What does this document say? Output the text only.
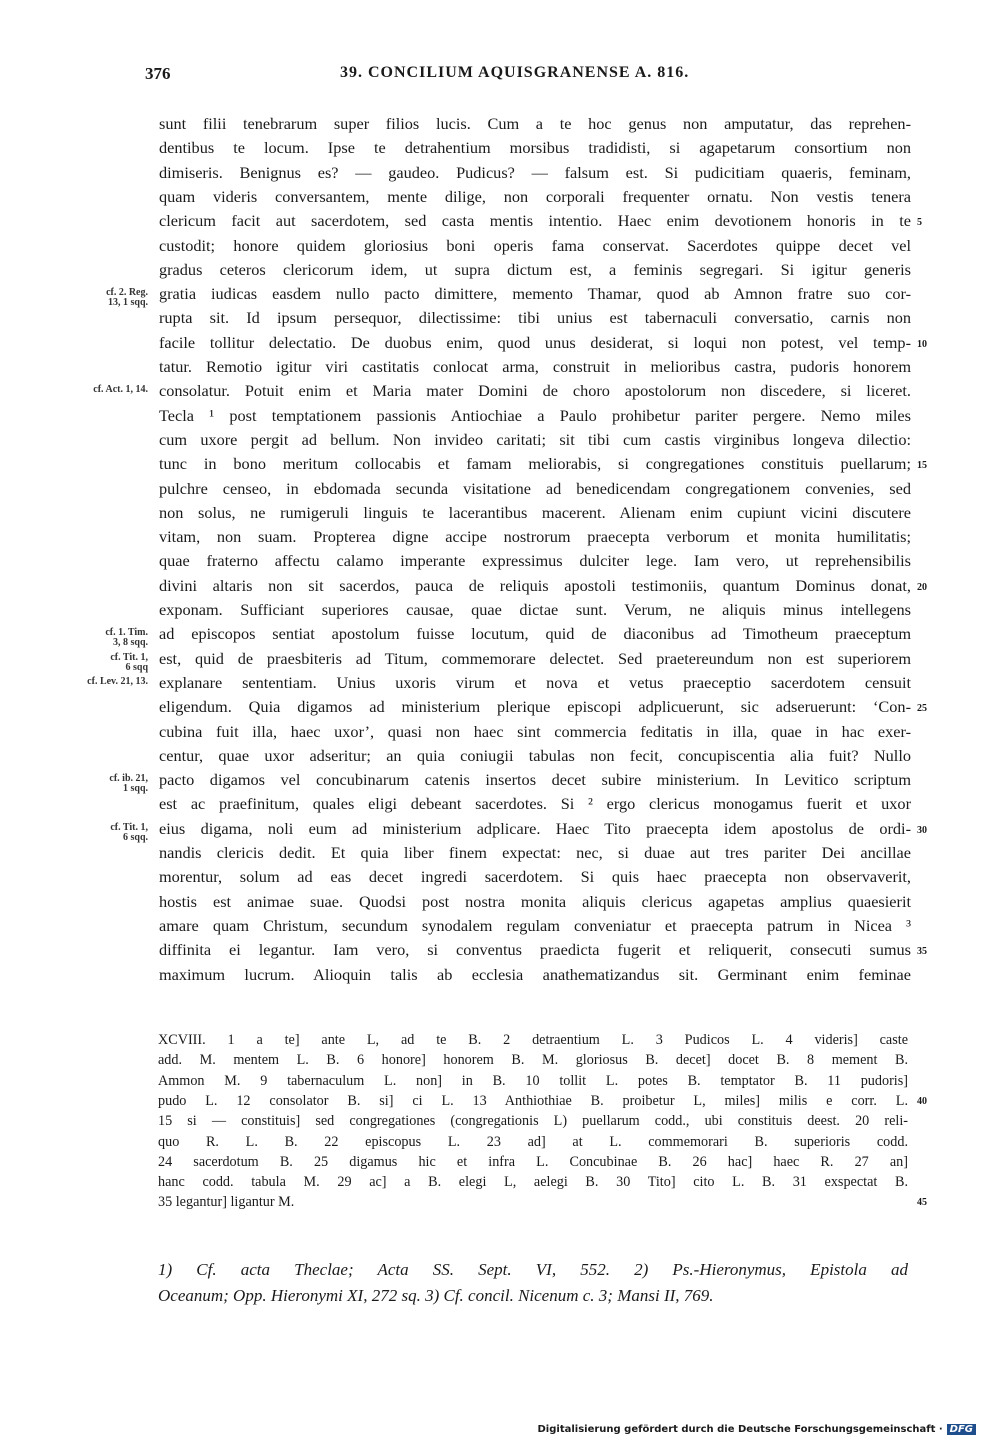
376	39. CONCILIUM AQUISGRANENSE A. 816.
sunt filii tenebrarum super filios lucis. Cum a te hoc genus non amputatur, das reprehen-
dentibus te locum. Ipse te detrahentium morsibus tradidisti, si agapetarum consortium non
dimiseris. Benignus es? — gaudeo. Pudicus? — falsum est. Si pudicitiam quaeris, feminam,
quam videris conversantem, mente dilige, non corporali frequenter ornatu. Non vestis tenera
clericum facit aut sacerdotem, sed casta mentis intentio. Haec enim devotionem honoris in te
custodit; honore quidem gloriosius boni operis fama conservat. Sacerdotes quippe decet vel
gradus ceteros clericorum idem, ut supra dictum est, a feminis segregari. Si igitur generis
gratia iudicas easdem nullo pacto dimittere, memento Thamar, quod ab Amnon fratre suo cor-
rupta sit. Id ipsum persequor, dilectissime: tibi unius est tabernaculi conversatio, carnis non
facile tollitur delectatio. De duobus enim, quod unus desiderat, si loqui non potest, vel temp-
tatur. Remotio igitur viri castitatis conlocat arma, construit in melioribus castra, pudoris honorem
consolatur. Potuit enim et Maria mater Domini de choro apostolorum non discedere, si liceret.
Tecla ¹ post temptationem passionis Antiochiae a Paulo prohibetur pariter pergere. Nemo miles
cum uxore pergit ad bellum. Non invideo caritati; sit tibi cum castis virginibus longeva dilectio:
tunc in bono meritum collocabis et famam meliorabis, si congregationes constituis puellarum;
pulchre censeo, in ebdomada secunda visitatione ad benedicendam congregationem convenies, sed
non solus, ne rumigeruli linguis te lacerantibus macerent. Alienam enim cupiunt vicini discutere
vitam, non suam. Propterea digne accipe nostrorum praecepta verborum et monita humilitatis;
quae fraterno affectu calamo imperante expressimus dulciter lege. Iam vero, ut reprehensibilis
divini altaris non sit sacerdos, pauca de reliquis apostoli testimoniis, quantum Dominus donat,
exponam. Sufficiant superiores causae, quae dictae sunt. Verum, ne aliquis minus intellegens
ad episcopos sentiat apostolum fuisse locutum, quid de diaconibus ad Timotheum praeceptum
est, quid de praesbiteris ad Titum, commemorare delectet. Sed praetereundum non est superiorem
explanare sententiam. Unius uxoris virum et nova et vetus praeceptio sacerdotem censuit
eligendum. Quia digamos ad ministerium plerique episcopi adplicuerunt, sic adseruerunt: ‘Con-
cubina fuit illa, haec uxor’, quasi non haec sint commercia feditatis in illa, quae in hac exer-
centur, quae uxor adseritur; an quia coniugii tabulas non fecit, concupiscentia alia fuit? Nullo
pacto digamos vel concubinarum catenis insertos decet subire ministerium. In Levitico scriptum
est ac praefinitum, quales eligi debeant sacerdotes. Si ² ergo clericus monogamus fuerit et uxor
eius digama, noli eum ad ministerium adplicare. Haec Tito praecepta idem apostolus de ordi-
nandis clericis dedit. Et quia liber finem expectat: nec, si duae aut tres pariter Dei ancillae
morentur, solum ad eas decet ingredi sacerdotem. Si quis haec praecepta non observaverit,
hostis est animae suae. Quodsi post nostra monita aliquis clericus agapetas amplius quaesierit
amare quam Christum, secundum synodalem regulam conveniatur et praecepta patrum in Nicea ³
diffinita ei legantur. Iam vero, si conventus praedicta fugerit et reliquerit, consecuti sumus
maximum lucrum. Alioquin talis ab ecclesia anathematizandus sit. Germinant enim feminae
5
10
15
20
25
30
35
cf. 2. Reg.
13, 1 sqq.
cf. Act. 1, 14.
cf. 1. Tim.
3, 8 sqq.
cf. Tit. 1,
6 sqq
cf. Lev. 21, 13.
cf. ib. 21,
1 sqq.
cf. Tit. 1,
6 sqq.
XCVIII. 1 a te] ante L, ad te B. 2 detraentium L. 3 Pudicos L. 4 videris] caste
add. M. mentem L. B. 6 honore] honorem B. M. gloriosus B. decet] docet B. 8 mement B.
Ammon M. 9 tabernaculum L. non] in B. 10 tollit L. potes B. temptator B. 11 pudoris]
pudo L. 12 consolator B. si] ci L. 13 Anthiothiae B. proibetur L, miles] milis e corr. L.
15 si — constituis] sed congregationes (congregationis L) puellarum codd., ubi constituis deest. 20 reli-
quo R. L. B. 22 episcopus L. 23 ad] at L. commemorari B. superioris codd.
24 sacerdotum B. 25 digamus hic et infra L. Concubinae B. 26 hac] haec R. 27 an]
hanc codd. tabula M. 29 ac] a B. elegi L, aelegi B. 30 Tito] cito L. B. 31 exspectat B.
35 legantur] ligantur M.
40
45
1) Cf. acta Theclae; Acta SS. Sept. VI, 552. 2) Ps.-Hieronymus, Epistola ad
Oceanum; Opp. Hieronymi XI, 272 sq. 3) Cf. concil. Nicenum c. 3; Mansi II, 769.
Digitalisierung gefördert durch die Deutsche Forschungsgemeinschaft · DFG
